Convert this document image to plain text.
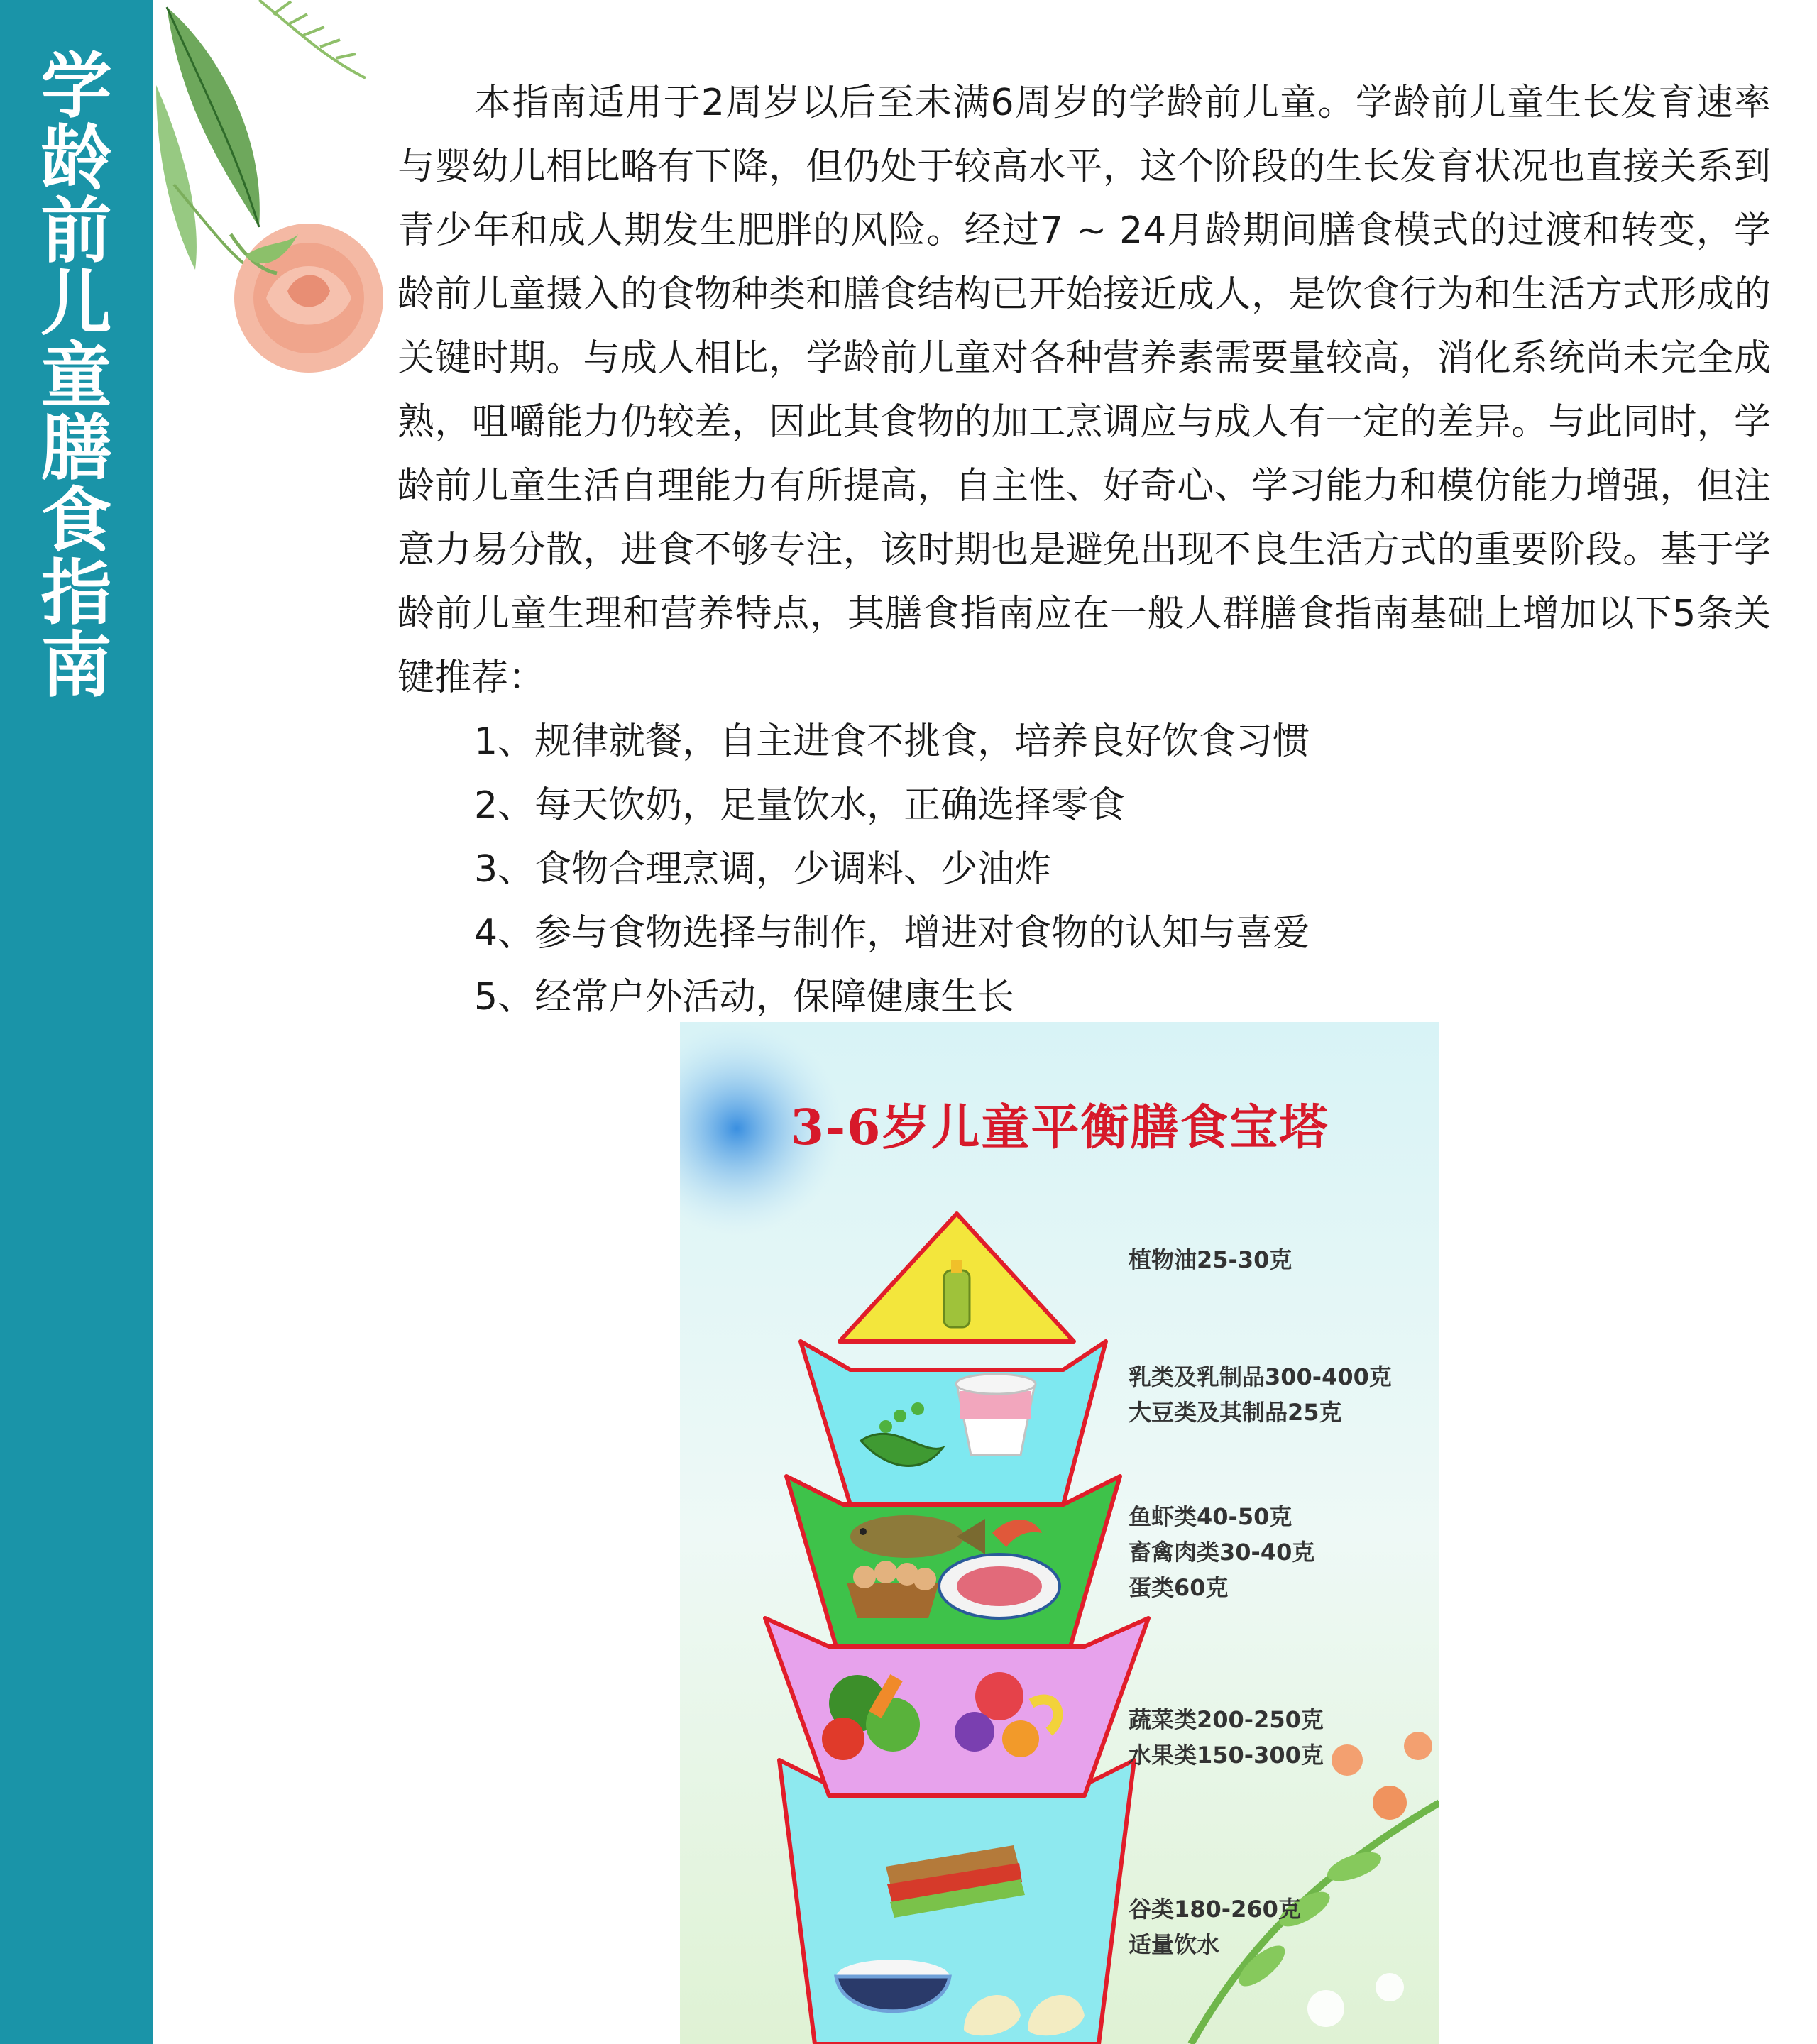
学
龄
前
儿
童
膳
食
指
南

本指南适用于2周岁以后至未满6周岁的学龄前儿童。学龄前儿童生长发育速率与婴幼儿相比略有下降，但仍处于较高水平，这个阶段的生长发育状况也直接关系到青少年和成人期发生肥胖的风险。经过7 ~ 24月龄期间膳食模式的过渡和转变，学龄前儿童摄入的食物种类和膳食结构已开始接近成人，是饮食行为和生活方式形成的关键时期。与成人相比，学龄前儿童对各种营养素需要量较高，消化系统尚未完全成熟，咀嚼能力仍较差，因此其食物的加工烹调应与成人有一定的差异。与此同时，学龄前儿童生活自理能力有所提高，自主性、好奇心、学习能力和模仿能力增强，但注意力易分散，进食不够专注，该时期也是避免出现不良生活方式的重要阶段。基于学龄前儿童生理和营养特点，其膳食指南应在一般人群膳食指南基础上增加以下5条关键推荐：

1、规律就餐，自主进食不挑食，培养良好饮食习惯
2、每天饮奶，足量饮水，正确选择零食
3、食物合理烹调，少调料、少油炸
4、参与食物选择与制作，增进对食物的认知与喜爱
5、经常户外活动，保障健康生长
3-6岁儿童平衡膳食宝塔
植物油25-30克
乳类及乳制品300-400克
大豆类及其制品25克
鱼虾类40-50克
畜禽肉类30-40克
蛋类60克
蔬菜类200-250克
水果类150-300克
谷类180-260克
适量饮水
